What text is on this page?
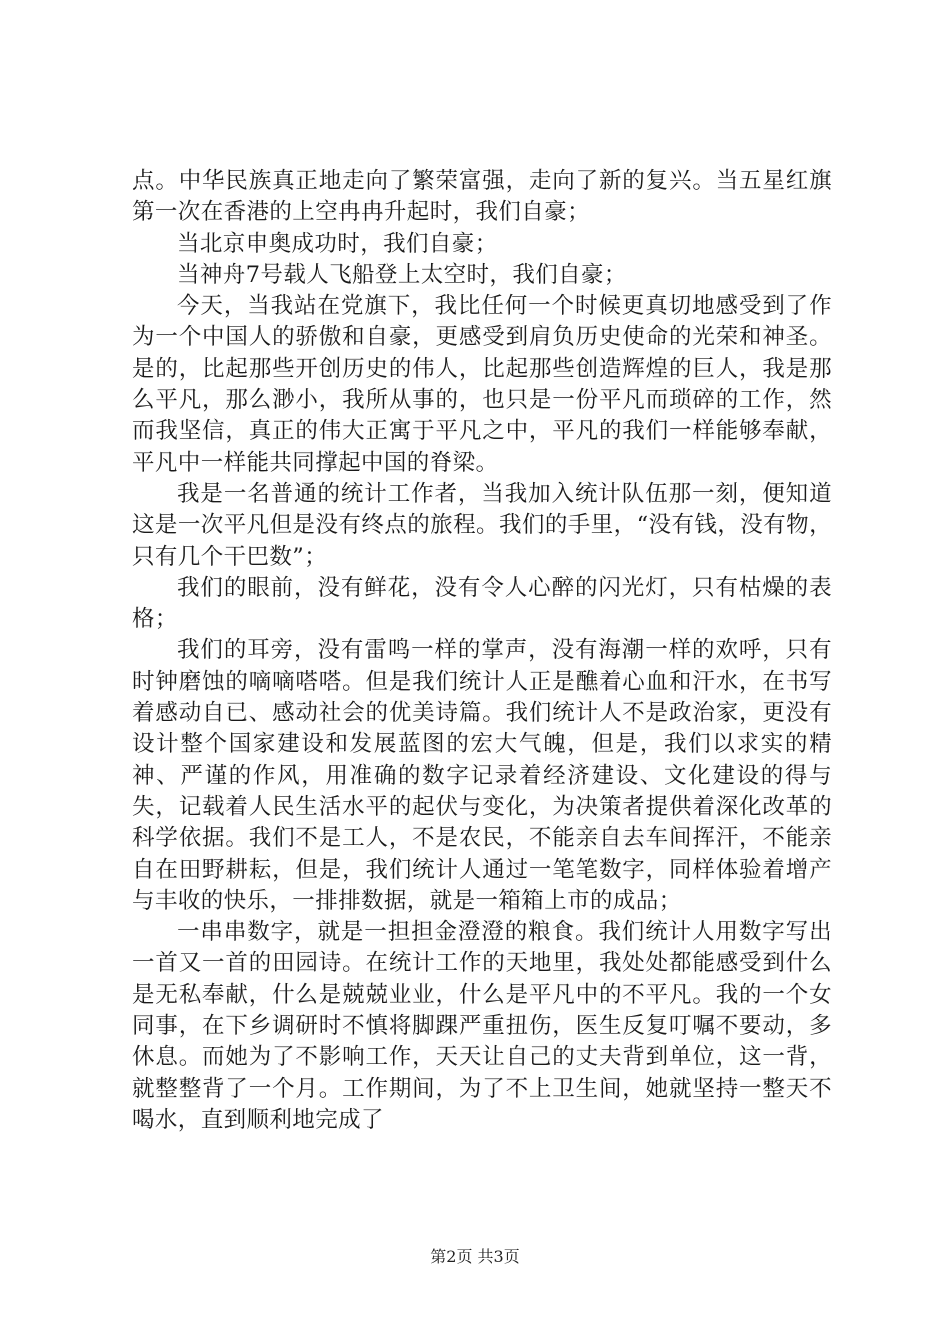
点。中华民族真正地走向了繁荣富强，走向了新的复兴。当五星红旗第一次在香港的上空冉冉升起时，我们自豪；

当北京申奥成功时，我们自豪；

当神舟7号载人飞船登上太空时，我们自豪；

今天，当我站在党旗下，我比任何一个时候更真切地感受到了作为一个中国人的骄傲和自豪，更感受到肩负历史使命的光荣和神圣。是的，比起那些开创历史的伟人，比起那些创造辉煌的巨人，我是那么平凡，那么渺小，我所从事的，也只是一份平凡而琐碎的工作，然而我坚信，真正的伟大正寓于平凡之中，平凡的我们一样能够奉献，平凡中一样能共同撑起中国的脊梁。

我是一名普通的统计工作者，当我加入统计队伍那一刻，便知道这是一次平凡但是没有终点的旅程。我们的手里，“没有钱，没有物，只有几个干巴数”；

我们的眼前，没有鲜花，没有令人心醉的闪光灯，只有枯燥的表格；

我们的耳旁，没有雷鸣一样的掌声，没有海潮一样的欢呼，只有时钟磨蚀的嘀嘀嗒嗒。但是我们统计人正是醮着心血和汗水，在书写着感动自已、感动社会的优美诗篇。我们统计人不是政治家，更没有设计整个国家建设和发展蓝图的宏大气魄，但是，我们以求实的精神、严谨的作风，用准确的数字记录着经济建设、文化建设的得与失，记载着人民生活水平的起伏与变化，为决策者提供着深化改革的科学依据。我们不是工人，不是农民，不能亲自去车间挥汗，不能亲自在田野耕耘，但是，我们统计人通过一笔笔数字，同样体验着增产与丰收的快乐，一排排数据，就是一箱箱上市的成品；

一串串数字，就是一担担金澄澄的粮食。我们统计人用数字写出一首又一首的田园诗。在统计工作的天地里，我处处都能感受到什么是无私奉献，什么是兢兢业业，什么是平凡中的不平凡。我的一个女同事，在下乡调研时不慎将脚踝严重扭伤，医生反复叮嘱不要动，多休息。而她为了不影响工作，天天让自己的丈夫背到单位，这一背，就整整背了一个月。工作期间，为了不上卫生间，她就坚持一整天不喝水，直到顺利地完成了

第2页 共3页
